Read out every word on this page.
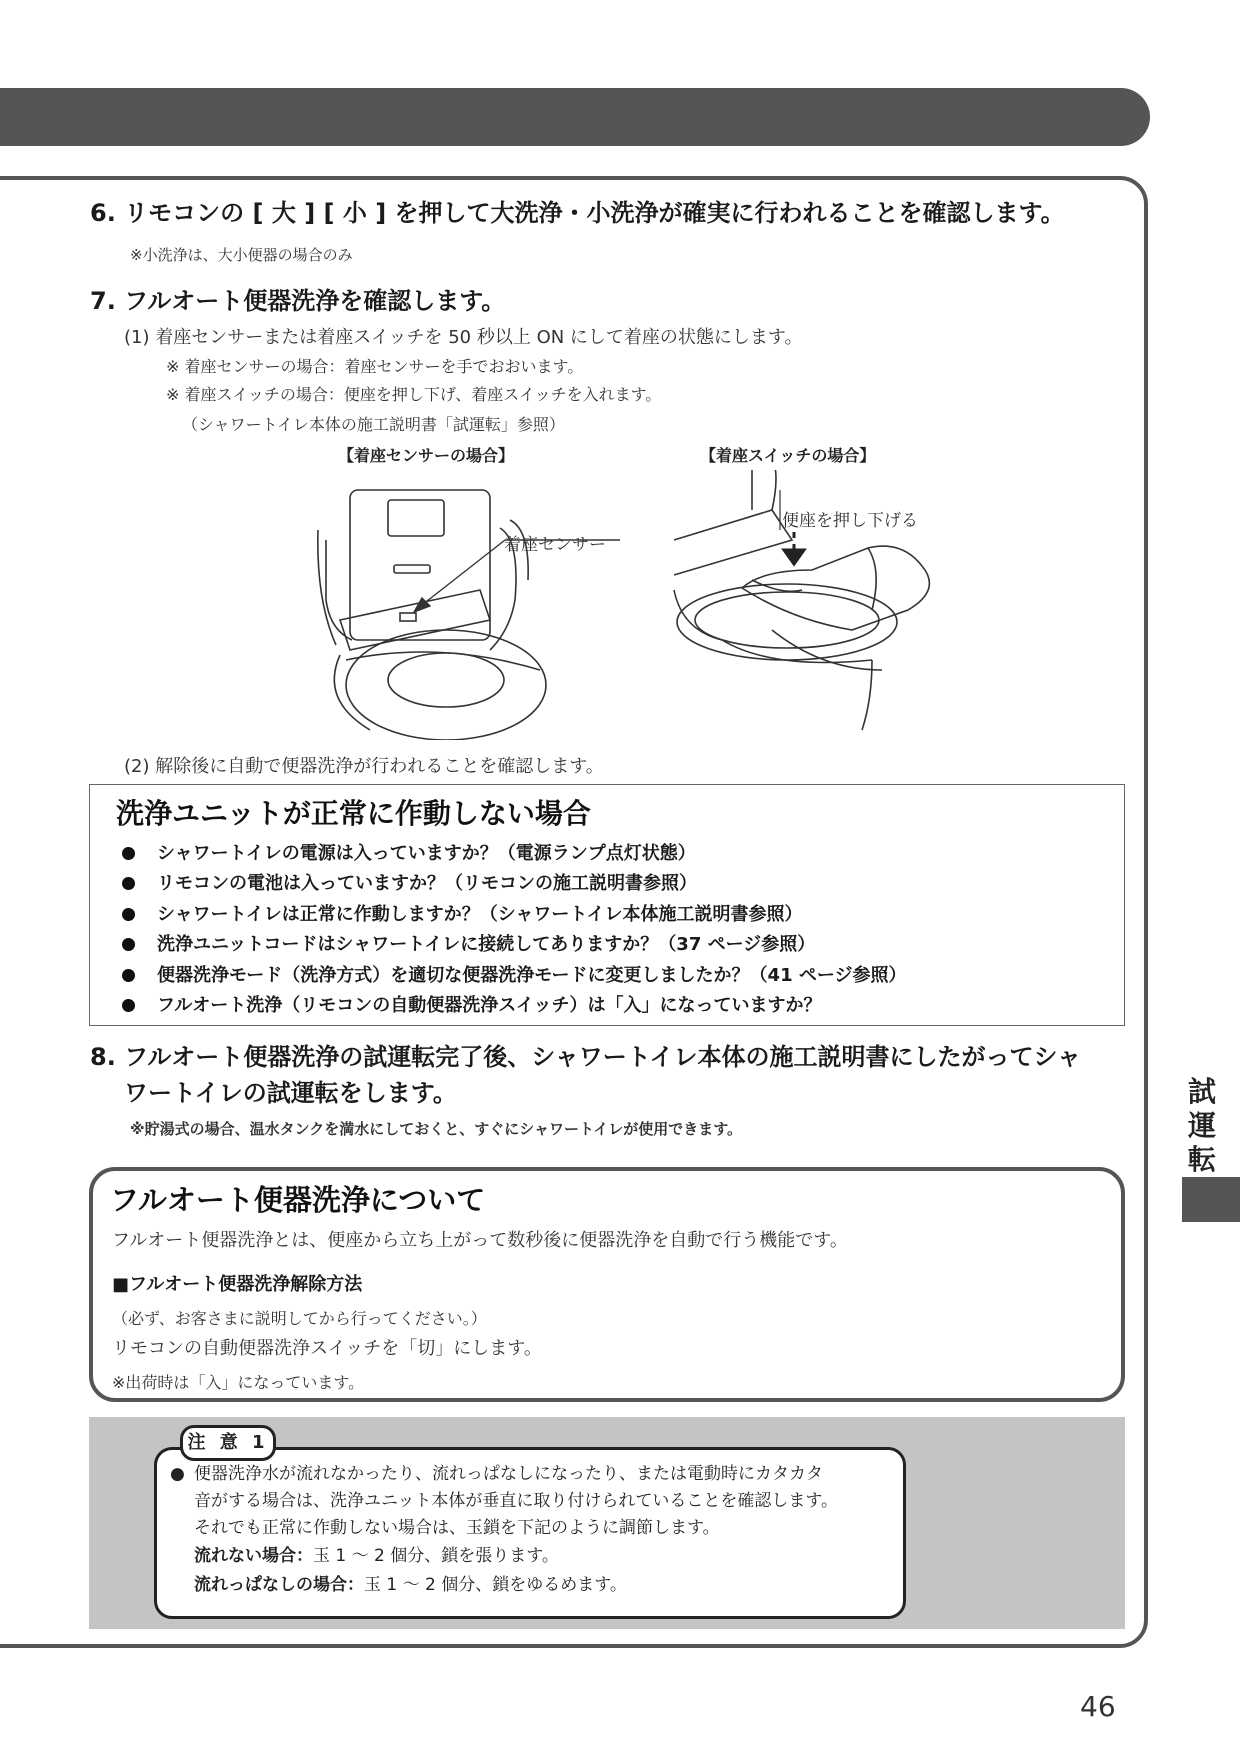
6. リモコンの [ 大 ] [ 小 ] を押して大洗浄・小洗浄が確実に行われることを確認します。
※小洗浄は、大小便器の場合のみ
7. フルオート便器洗浄を確認します。
(1) 着座センサーまたは着座スイッチを 50 秒以上 ON にして着座の状態にします。
※ 着座センサーの場合：着座センサーを手でおおいます。
※ 着座スイッチの場合：便座を押し下げ、着座スイッチを入れます。
（シャワートイレ本体の施工説明書「試運転」参照）
【着座センサーの場合】	【着座スイッチの場合】
着座センサー
便座を押し下げる
(2) 解除後に自動で便器洗浄が行われることを確認します。
洗浄ユニットが正常に作動しない場合
シャワートイレの電源は入っていますか？（電源ランプ点灯状態）
リモコンの電池は入っていますか？（リモコンの施工説明書参照）
シャワートイレは正常に作動しますか？（シャワートイレ本体施工説明書参照）
洗浄ユニットコードはシャワートイレに接続してありますか？（37 ページ参照）
便器洗浄モード（洗浄方式）を適切な便器洗浄モードに変更しましたか？（41 ページ参照）
フルオート洗浄（リモコンの自動便器洗浄スイッチ）は「入」になっていますか？
8. フルオート便器洗浄の試運転完了後、シャワートイレ本体の施工説明書にしたがってシャ
ワートイレの試運転をします。
※貯湯式の場合、温水タンクを満水にしておくと、すぐにシャワートイレが使用できます。
フルオート便器洗浄について
フルオート便器洗浄とは、便座から立ち上がって数秒後に便器洗浄を自動で行う機能です。
■フルオート便器洗浄解除方法
（必ず、お客さまに説明してから行ってください。）
リモコンの自動便器洗浄スイッチを「切」にします。
※出荷時は「入」になっています。
注 意 1
● 便器洗浄水が流れなかったり、流れっぱなしになったり、または電動時にカタカタ
音がする場合は、洗浄ユニット本体が垂直に取り付けられていることを確認します。
それでも正常に作動しない場合は、玉鎖を下記のように調節します。
流れない場合：玉 1 ～ 2 個分、鎖を張ります。
流れっぱなしの場合：玉 1 ～ 2 個分、鎖をゆるめます。
試運転
46
